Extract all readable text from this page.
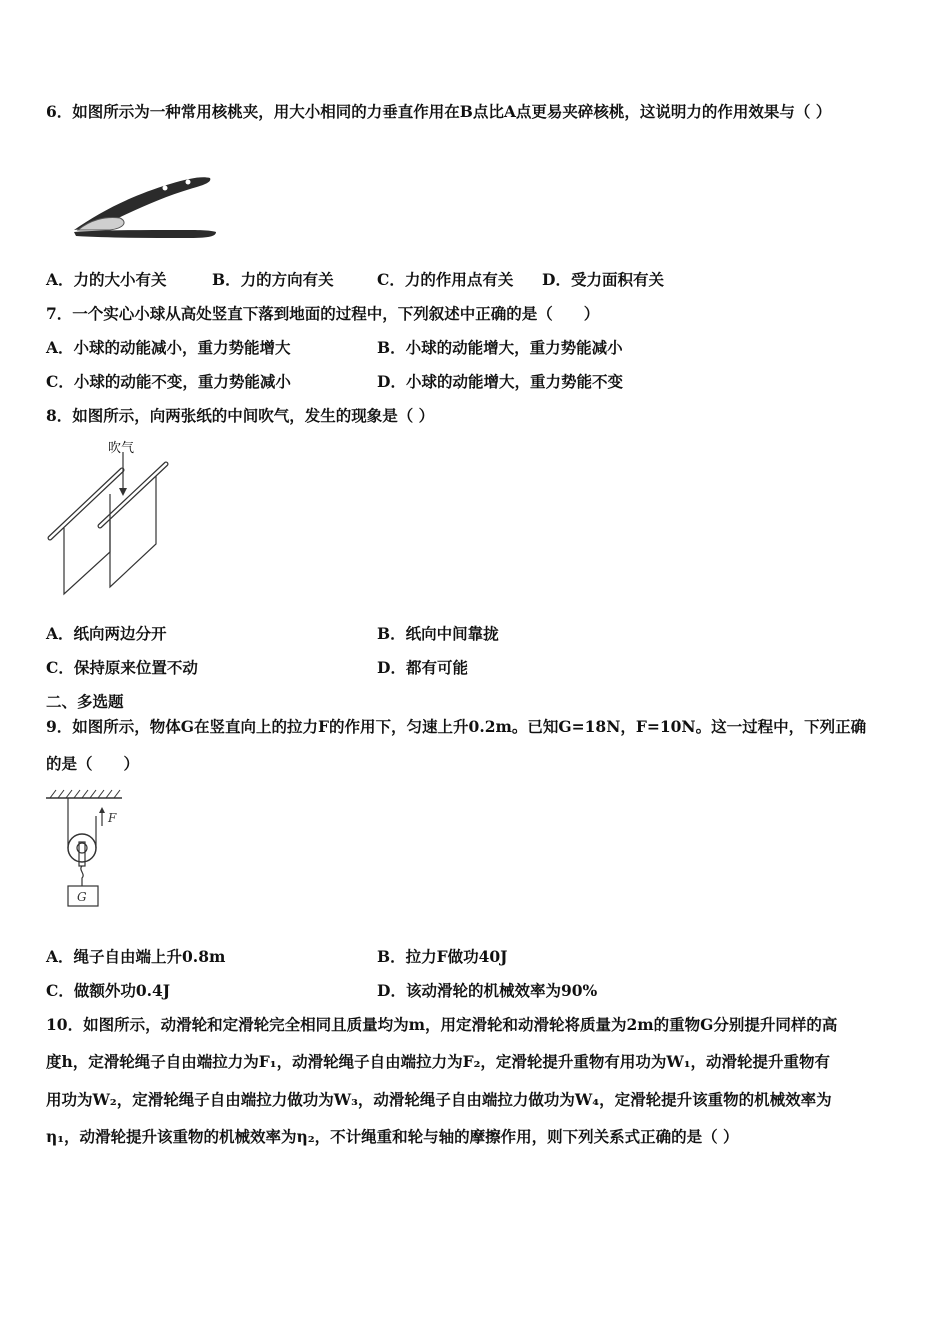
6．如图所示为一种常用核桃夹，用大小相同的力垂直作用在B点比A点更易夹碎核桃，这说明力的作用效果与（ ）
A．力的大小有关	B．力的方向有关	C．力的作用点有关 D．受力面积有关
7．一个实心小球从高处竖直下落到地面的过程中，下列叙述中正确的是（　　）
A．小球的动能减小，重力势能增大	B．小球的动能增大，重力势能减小
C．小球的动能不变，重力势能减小	D．小球的动能增大，重力势能不变
8．如图所示，向两张纸的中间吹气，发生的现象是（ ）
吹气
A．纸向两边分开	B．纸向中间靠拢
C．保持原来位置不动	D．都有可能
二、多选题
9．如图所示，物体G在竖直向上的拉力F的作用下，匀速上升0.2m。已知G=18N，F=10N。这一过程中，下列正确
的是（　　）
F
G
A．绳子自由端上升0.8m	B．拉力F做功40J
C．做额外功0.4J	D．该动滑轮的机械效率为90%
10．如图所示，动滑轮和定滑轮完全相同且质量均为m，用定滑轮和动滑轮将质量为2m的重物G分别提升同样的高
度h，定滑轮绳子自由端拉力为F₁，动滑轮绳子自由端拉力为F₂，定滑轮提升重物有用功为W₁，动滑轮提升重物有
用功为W₂，定滑轮绳子自由端拉力做功为W₃，动滑轮绳子自由端拉力做功为W₄，定滑轮提升该重物的机械效率为
η₁，动滑轮提升该重物的机械效率为η₂，不计绳重和轮与轴的摩擦作用，则下列关系式正确的是（ ）
